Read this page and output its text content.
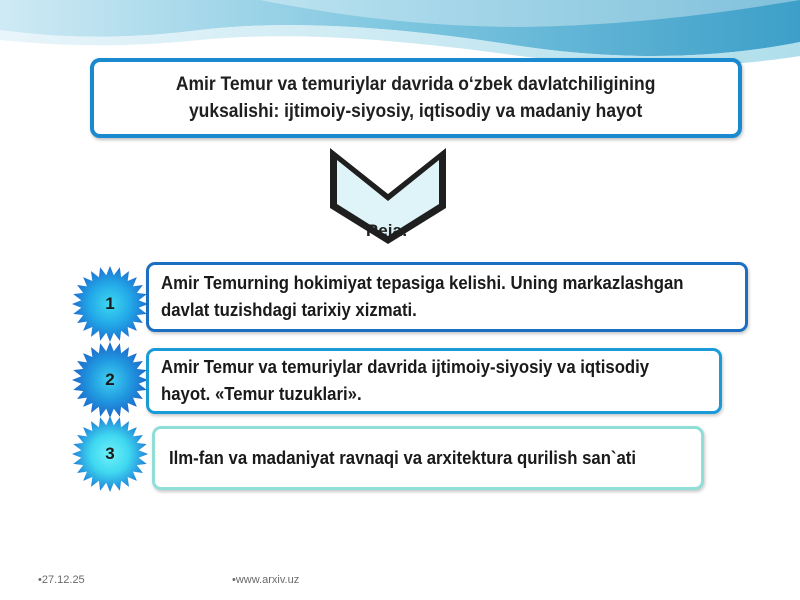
Amir Temur va temuriylar davrida o‘zbek davlatchiligining
yuksalishi: ijtimoiy-siyosiy, iqtisodiy va madaniy hayot
Reja:
1
Amir Temurning hokimiyat tepasiga kelishi. Uning markazlashgan davlat tuzishdagi tarixiy xizmati.
2
Amir Temur va temuriylar davrida ijtimoiy-siyosiy va iqtisodiy hayot. «Temur tuzuklari».
3	Ilm-fan va madaniyat ravnaqi va arxitektura qurilish san`ati
•27.12.25	•www.arxiv.uz
